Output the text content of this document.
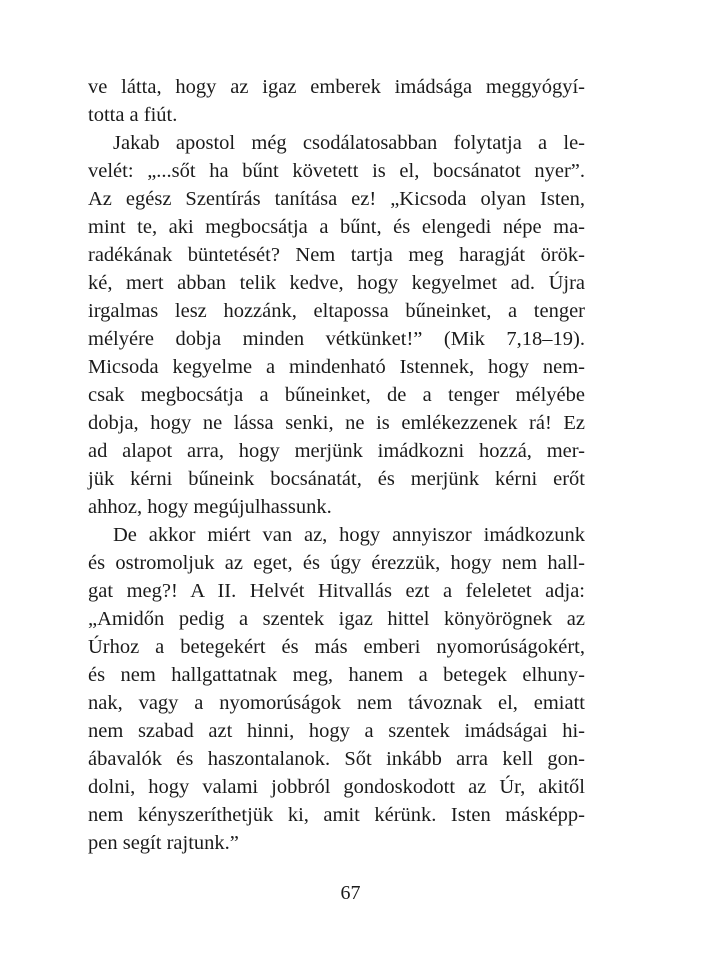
ve látta, hogy az igaz emberek imádsága meggyógyí-
totta a fiút.
Jakab apostol még csodálatosabban folytatja a le-
velét: „...sőt ha bűnt követett is el, bocsánatot nyer”.
Az egész Szentírás tanítása ez! „Kicsoda olyan Isten,
mint te, aki megbocsátja a bűnt, és elengedi népe ma-
radékának büntetését? Nem tartja meg haragját örök-
ké, mert abban telik kedve, hogy kegyelmet ad. Újra
irgalmas lesz hozzánk, eltapossa bűneinket, a tenger
mélyére dobja minden vétkünket!” (Mik 7,18–19).
Micsoda kegyelme a mindenható Istennek, hogy nem-
csak megbocsátja a bűneinket, de a tenger mélyébe
dobja, hogy ne lássa senki, ne is emlékezzenek rá! Ez
ad alapot arra, hogy merjünk imádkozni hozzá, mer-
jük kérni bűneink bocsánatát, és merjünk kérni erőt
ahhoz, hogy megújulhassunk.
De akkor miért van az, hogy annyiszor imádkozunk
és ostromoljuk az eget, és úgy érezzük, hogy nem hall-
gat meg?! A II. Helvét Hitvallás ezt a feleletet adja:
„Amidőn pedig a szentek igaz hittel könyörögnek az
Úrhoz a betegekért és más emberi nyomorúságokért,
és nem hallgattatnak meg, hanem a betegek elhuny-
nak, vagy a nyomorúságok nem távoznak el, emiatt
nem szabad azt hinni, hogy a szentek imádságai hi-
ábavalók és haszontalanok. Sőt inkább arra kell gon-
dolni, hogy valami jobbról gondoskodott az Úr, akitől
nem kényszeríthetjük ki, amit kérünk. Isten másképp-
pen segít rajtunk.”
67
